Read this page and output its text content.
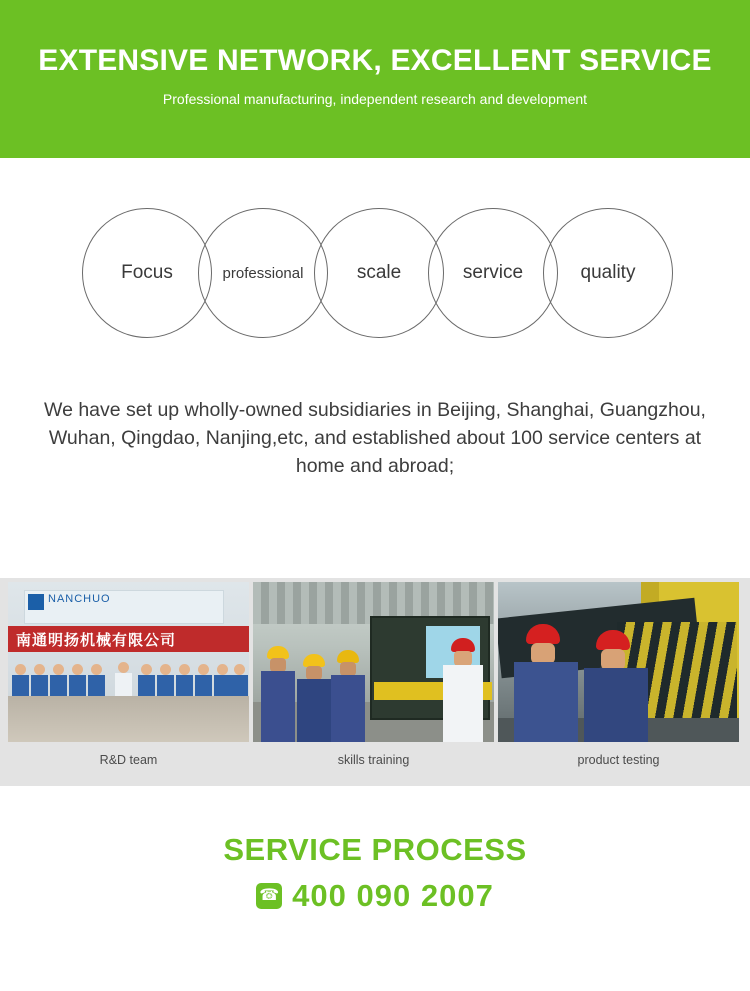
EXTENSIVE NETWORK, EXCELLENT SERVICE
Professional manufacturing, independent research and development
Focus	professional	scale	service	quality
We have set up wholly-owned subsidiaries in Beijing, Shanghai, Guangzhou, Wuhan, Qingdao, Nanjing,etc, and established about 100 service centers at home and abroad;
NANCHUO
南通明扬机械有限公司
R&D team	skills training	product testing
SERVICE PROCESS
☎ 400 090 2007
